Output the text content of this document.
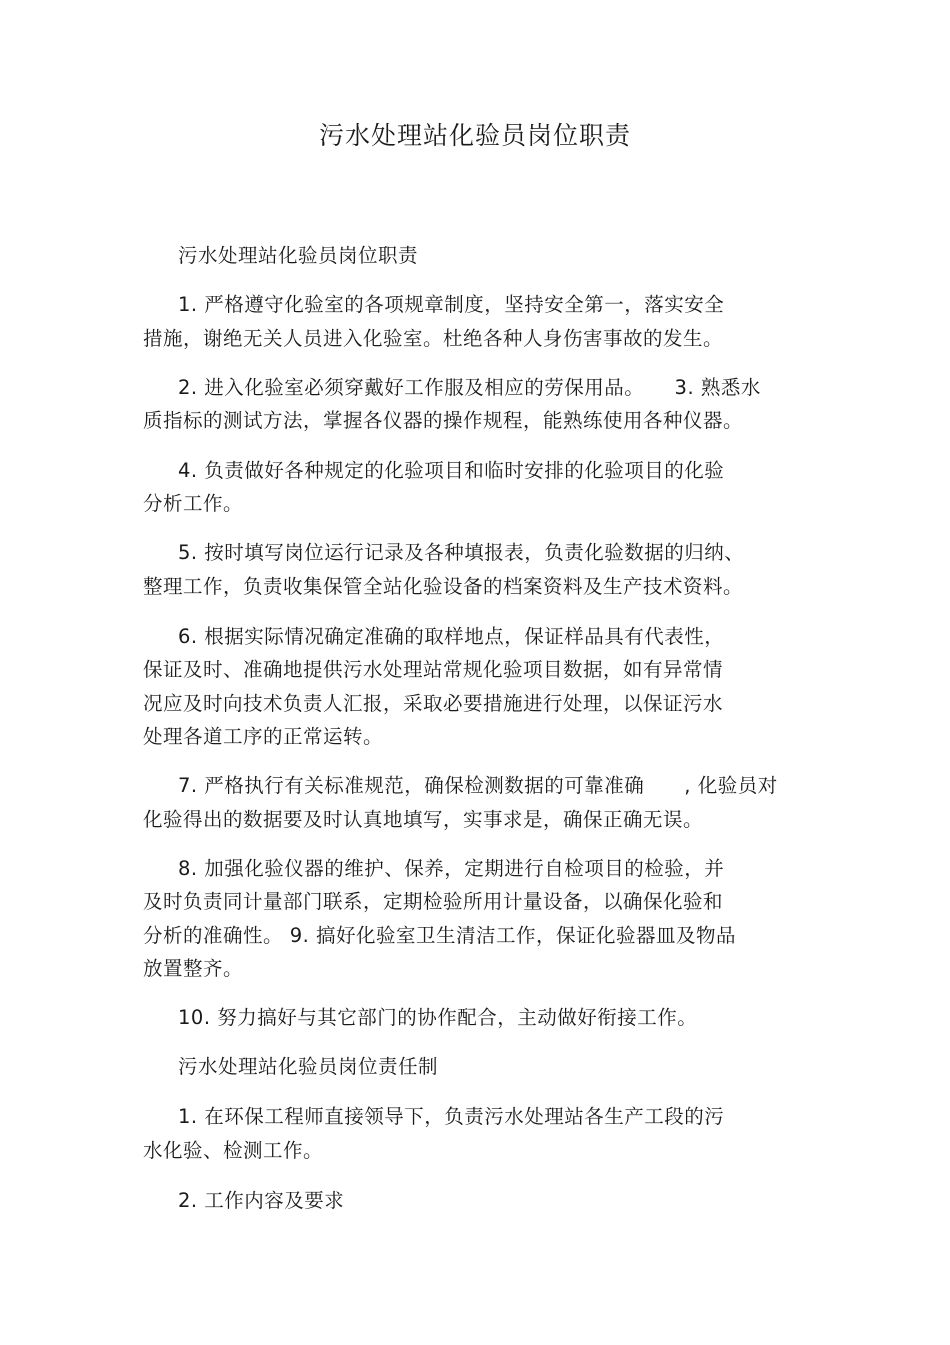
污水处理站化验员岗位职责
污水处理站化验员岗位职责
1. 严格遵守化验室的各项规章制度，坚持安全第一，落实安全
措施，谢绝无关人员进入化验室。杜绝各种人身伤害事故的发生。
2. 进入化验室必须穿戴好工作服及相应的劳保用品。　　3. 熟悉水
质指标的测试方法，掌握各仪器的操作规程，能熟练使用各种仪器。
4. 负责做好各种规定的化验项目和临时安排的化验项目的化验
分析工作。
5. 按时填写岗位运行记录及各种填报表，负责化验数据的归纳、
整理工作，负责收集保管全站化验设备的档案资料及生产技术资料。
6. 根据实际情况确定准确的取样地点，保证样品具有代表性，
保证及时、准确地提供污水处理站常规化验项目数据，如有异常情
况应及时向技术负责人汇报，采取必要措施进行处理，以保证污水
处理各道工序的正常运转。
7. 严格执行有关标准规范，确保检测数据的可靠准确　　, 化验员对
化验得出的数据要及时认真地填写，实事求是，确保正确无误。
8. 加强化验仪器的维护、保养，定期进行自检项目的检验，并
及时负责同计量部门联系，定期检验所用计量设备，以确保化验和
分析的准确性。 9. 搞好化验室卫生清洁工作，保证化验器皿及物品
放置整齐。
10. 努力搞好与其它部门的协作配合，主动做好衔接工作。
污水处理站化验员岗位责任制
1. 在环保工程师直接领导下，负责污水处理站各生产工段的污
水化验、检测工作。
2. 工作内容及要求
